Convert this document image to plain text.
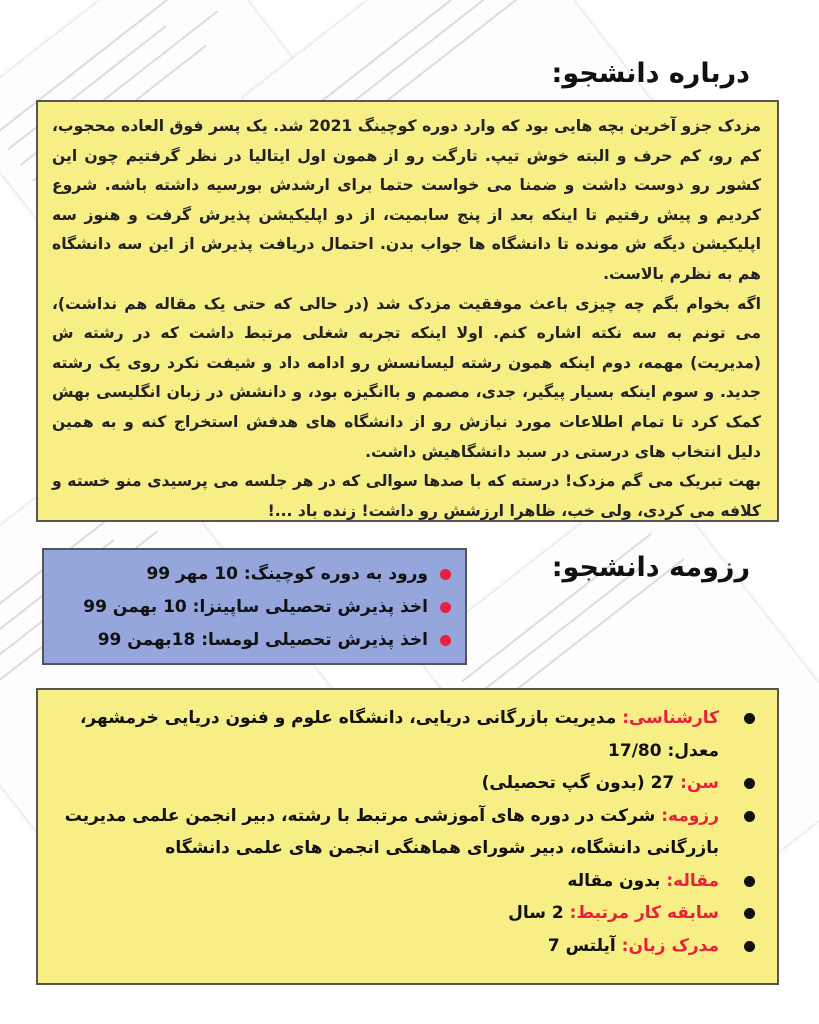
درباره دانشجو:

مزدک جزو آخرین بچه هایی بود که وارد دوره کوچینگ 2021 شد. یک پسر فوق العاده محجوب، کم رو، کم حرف و البته خوش تیپ. تارگت رو از همون اول ایتالیا در نظر گرفتیم چون این کشور رو دوست داشت و ضمنا می خواست حتما برای ارشدش بورسیه داشته باشه. شروع کردیم و پیش رفتیم تا اینکه بعد از پنج سابمیت، از دو اپلیکیشن پذیرش گرفت و هنوز سه اپلیکیشن دیگه ش مونده تا دانشگاه ها جواب بدن. احتمال دریافت پذیرش از این سه دانشگاه هم به نظرم بالاست.

اگه بخوام بگم چه چیزی باعث موفقیت مزدک شد (در حالی که حتی یک مقاله هم نداشت)، می تونم به سه نکته اشاره کنم. اولا اینکه تجربه شغلی مرتبط داشت که در رشته ش (مدیریت) مهمه، دوم اینکه همون رشته لیسانسش رو ادامه داد و شیفت نکرد روی یک رشته جدید. و سوم اینکه بسیار پیگیر، جدی، مصمم و باانگیزه بود، و دانشش در زبان انگلیسی بهش کمک کرد تا تمام اطلاعات مورد نیازش رو از دانشگاه های هدفش استخراج کنه و به همین دلیل انتخاب های درستی در سبد دانشگاهیش داشت.

بهت تبریک می گم مزدک! درسته که با صدها سوالی که در هر جلسه می پرسیدی منو خسته و کلافه می کردی، ولی خب، ظاهرا ارزشش رو داشت! زنده باد ...!

رزومه دانشجو:
ورود به دوره کوچینگ: 10 مهر 99
اخذ پذیرش تحصیلی ساپینزا: 10 بهمن 99
اخذ پذیرش تحصیلی لومسا: 18بهمن 99
کارشناسی: مدیریت بازرگانی دریایی، دانشگاه علوم و فنون دریایی خرمشهر، معدل: 17/80
سن: 27 (بدون گپ تحصیلی)
رزومه: شرکت در دوره های آموزشی مرتبط با رشته، دبیر انجمن علمی مدیریت بازرگانی دانشگاه، دبیر شورای هماهنگی انجمن های علمی دانشگاه
مقاله: بدون مقاله
سابقه کار مرتبط: 2 سال
مدرک زبان: آیلتس 7
